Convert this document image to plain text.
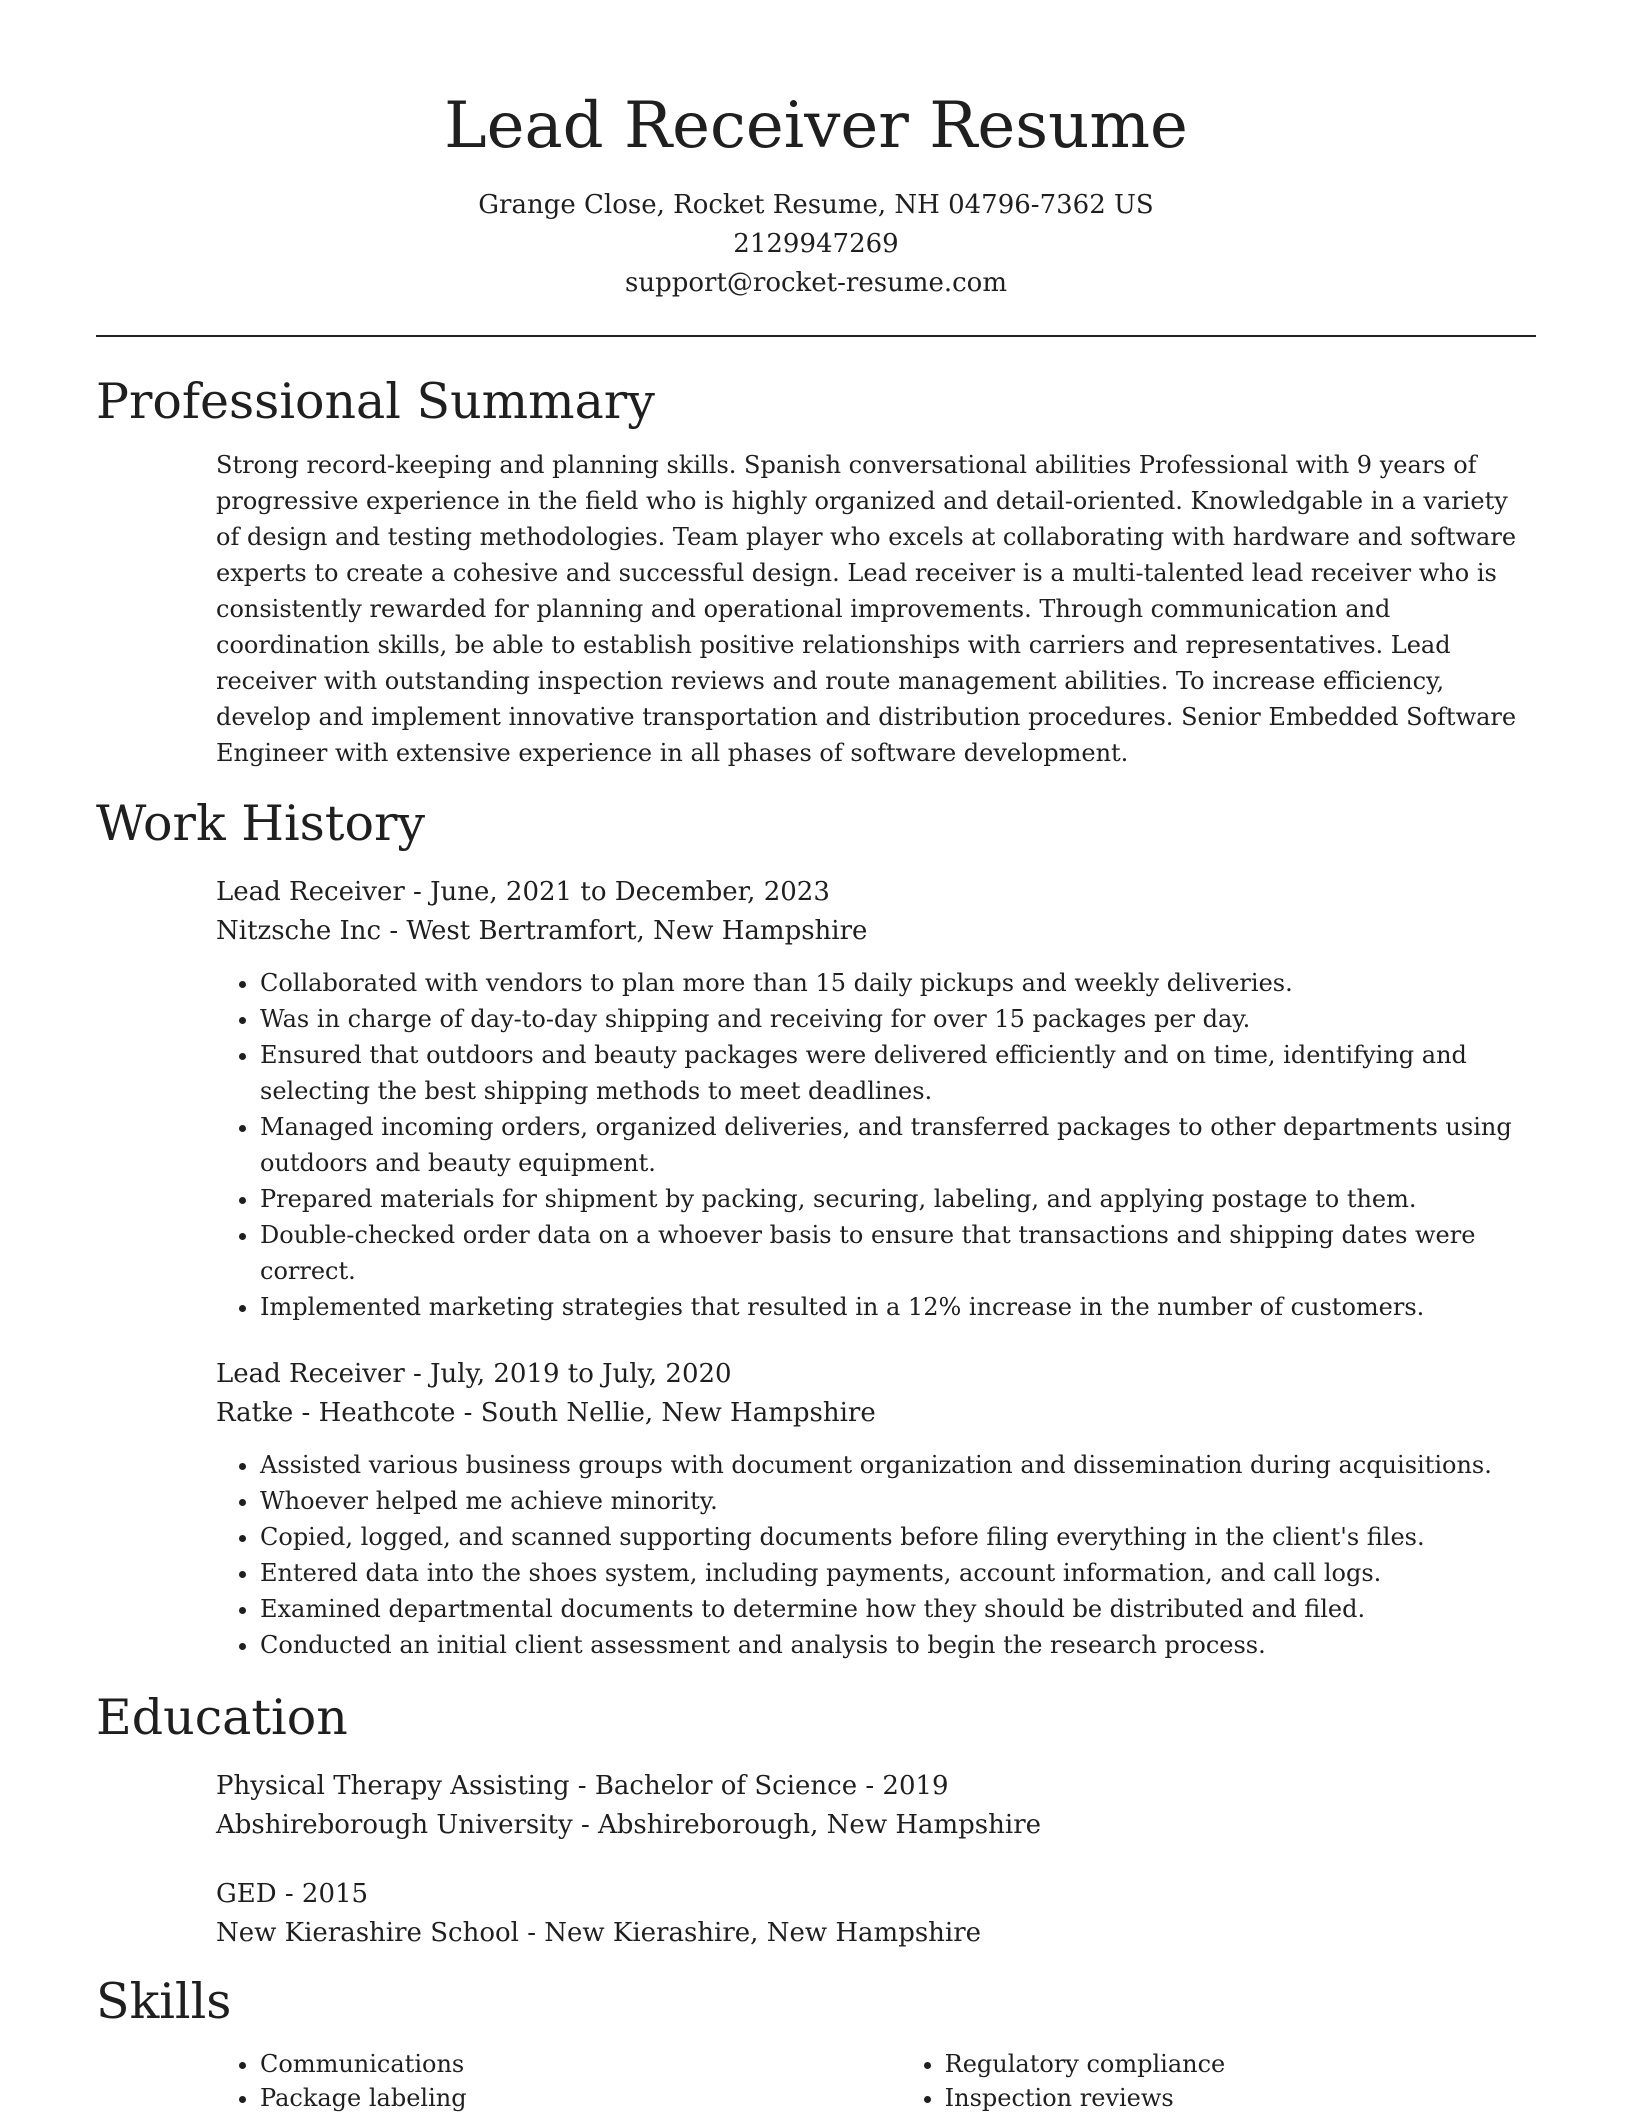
Lead Receiver Resume
Grange Close, Rocket Resume, NH 04796-7362 US
2129947269
support@rocket-resume.com
Professional Summary
Strong record-keeping and planning skills. Spanish conversational abilities Professional with 9 years of progressive experience in the field who is highly organized and detail-oriented. Knowledgable in a variety of design and testing methodologies. Team player who excels at collaborating with hardware and software experts to create a cohesive and successful design. Lead receiver is a multi-talented lead receiver who is consistently rewarded for planning and operational improvements. Through communication and coordination skills, be able to establish positive relationships with carriers and representatives. Lead receiver with outstanding inspection reviews and route management abilities. To increase efficiency, develop and implement innovative transportation and distribution procedures. Senior Embedded Software Engineer with extensive experience in all phases of software development.
Work History
Lead Receiver - June, 2021 to December, 2023
Nitzsche Inc - West Bertramfort, New Hampshire
• Collaborated with vendors to plan more than 15 daily pickups and weekly deliveries.
• Was in charge of day-to-day shipping and receiving for over 15 packages per day.
• Ensured that outdoors and beauty packages were delivered efficiently and on time, identifying and selecting the best shipping methods to meet deadlines.
• Managed incoming orders, organized deliveries, and transferred packages to other departments using outdoors and beauty equipment.
• Prepared materials for shipment by packing, securing, labeling, and applying postage to them.
• Double-checked order data on a whoever basis to ensure that transactions and shipping dates were correct.
• Implemented marketing strategies that resulted in a 12% increase in the number of customers.
Lead Receiver - July, 2019 to July, 2020
Ratke - Heathcote - South Nellie, New Hampshire
• Assisted various business groups with document organization and dissemination during acquisitions.
• Whoever helped me achieve minority.
• Copied, logged, and scanned supporting documents before filing everything in the client's files.
• Entered data into the shoes system, including payments, account information, and call logs.
• Examined departmental documents to determine how they should be distributed and filed.
• Conducted an initial client assessment and analysis to begin the research process.
Education
Physical Therapy Assisting - Bachelor of Science - 2019
Abshireborough University - Abshireborough, New Hampshire
GED - 2015
New Kierashire School - New Kierashire, New Hampshire
Skills
• Communications
• Package labeling
• Regulatory compliance
• Inspection reviews
